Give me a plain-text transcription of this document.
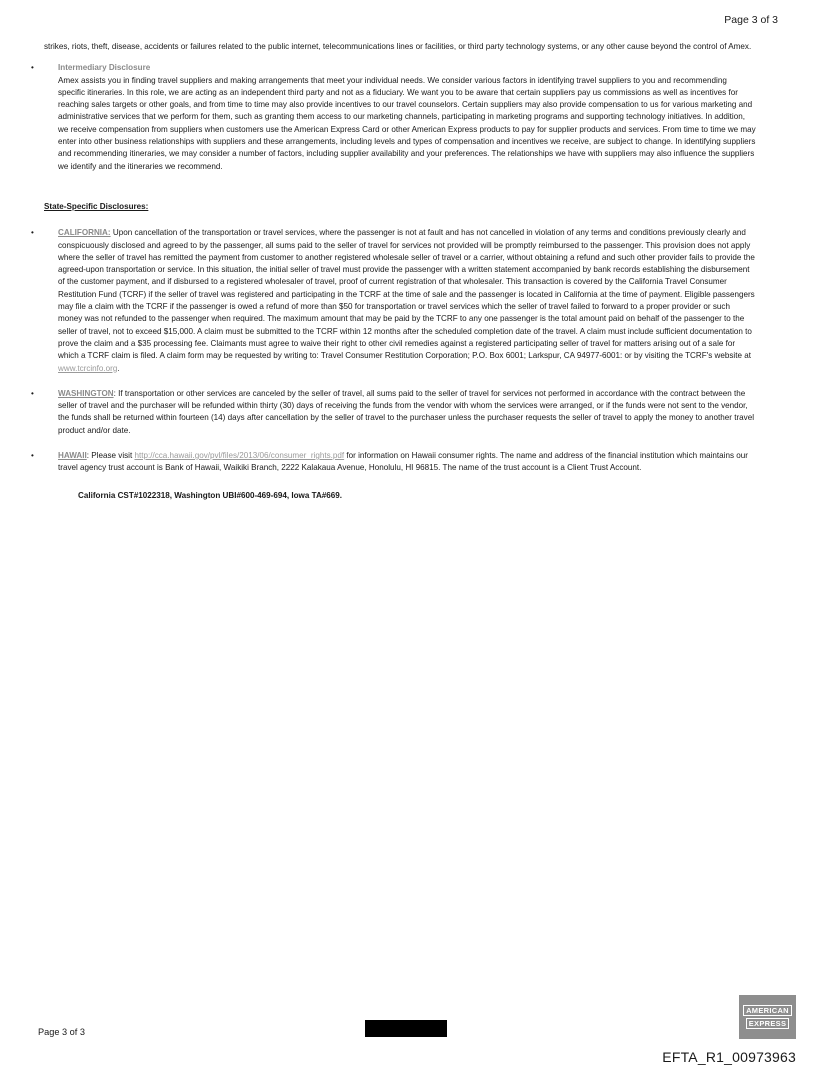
Page 3 of 3

strikes, riots, theft, disease, accidents or failures related to the public internet, telecommunications lines or facilities, or third party technology systems, or any other cause beyond the control of Amex.

•	Intermediary Disclosure
Amex assists you in finding travel suppliers and making arrangements that meet your individual needs. We consider various factors in identifying travel suppliers to you and recommending specific itineraries. In this role, we are acting as an independent third party and not as a fiduciary. We want you to be aware that certain suppliers pay us commissions as well as incentives for reaching sales targets or other goals, and from time to time may also provide incentives to our travel counselors. Certain suppliers may also provide compensation to us for various marketing and administrative services that we perform for them, such as granting them access to our marketing channels, participating in marketing programs and supporting technology initiatives. In addition, we receive compensation from suppliers when customers use the American Express Card or other American Express products to pay for supplier products and services. From time to time we may enter into other business relationships with suppliers and these arrangements, including levels and types of compensation and incentives we receive, are subject to change. In identifying suppliers and recommending itineraries, we may consider a number of factors, including supplier availability and your preferences. The relationships we have with suppliers may also influence the suppliers we identify and the itineraries we recommend.

State-Specific Disclosures:

•	CALIFORNIA: Upon cancellation of the transportation or travel services, where the passenger is not at fault and has not cancelled in violation of any terms and conditions previously clearly and conspicuously disclosed and agreed to by the passenger, all sums paid to the seller of travel for services not provided will be promptly reimbursed to the passenger. This provision does not apply where the seller of travel has remitted the payment from customer to another registered wholesale seller of travel or a carrier, without obtaining a refund and such other provider fails to provide the agreed-upon transportation or service. In this situation, the initial seller of travel must provide the passenger with a written statement accompanied by bank records establishing the disbursement of the customer payment, and if disbursed to a registered wholesaler of travel, proof of current registration of that wholesaler. This transaction is covered by the California Travel Consumer Restitution Fund (TCRF) if the seller of travel was registered and participating in the TCRF at the time of sale and the passenger is located in California at the time of payment. Eligible passengers may file a claim with the TCRF if the passenger is owed a refund of more than $50 for transportation or travel services which the seller of travel failed to forward to a proper provider or such money was not refunded to the passenger when required. The maximum amount that may be paid by the TCRF to any one passenger is the total amount paid on behalf of the passenger to the seller of travel, not to exceed $15,000. A claim must be submitted to the TCRF within 12 months after the scheduled completion date of the travel. A claim must include sufficient documentation to prove the claim and a $35 processing fee. Claimants must agree to waive their right to other civil remedies against a registered participating seller of travel for matters arising out of a sale for which a TCRF claim is filed. A claim form may be requested by writing to: Travel Consumer Restitution Corporation; P.O. Box 6001; Larkspur, CA 94977-6001: or by visiting the TCRF's website at www.tcrcinfo.org.
•	WASHINGTON: If transportation or other services are canceled by the seller of travel, all sums paid to the seller of travel for services not performed in accordance with the contract between the seller of travel and the purchaser will be refunded within thirty (30) days of receiving the funds from the vendor with whom the services were arranged, or if the funds were not sent to the vendor, the funds shall be returned within fourteen (14) days after cancellation by the seller of travel to the purchaser unless the purchaser requests the seller of travel to apply the money to another travel product and/or date.
•	HAWAII: Please visit http://cca.hawaii.gov/pvl/files/2013/06/consumer_rights.pdf for information on Hawaii consumer rights. The name and address of the financial institution which maintains our travel agency trust account is Bank of Hawaii, Waikiki Branch, 2222 Kalakaua Avenue, Honolulu, HI 96815. The name of the trust account is a Client Trust Account.

California CST#1022318, Washington UBI#600-469-694, Iowa TA#669.

Page 3 of 3
AMERICAN
EXPRESS
EFTA_R1_00973963
